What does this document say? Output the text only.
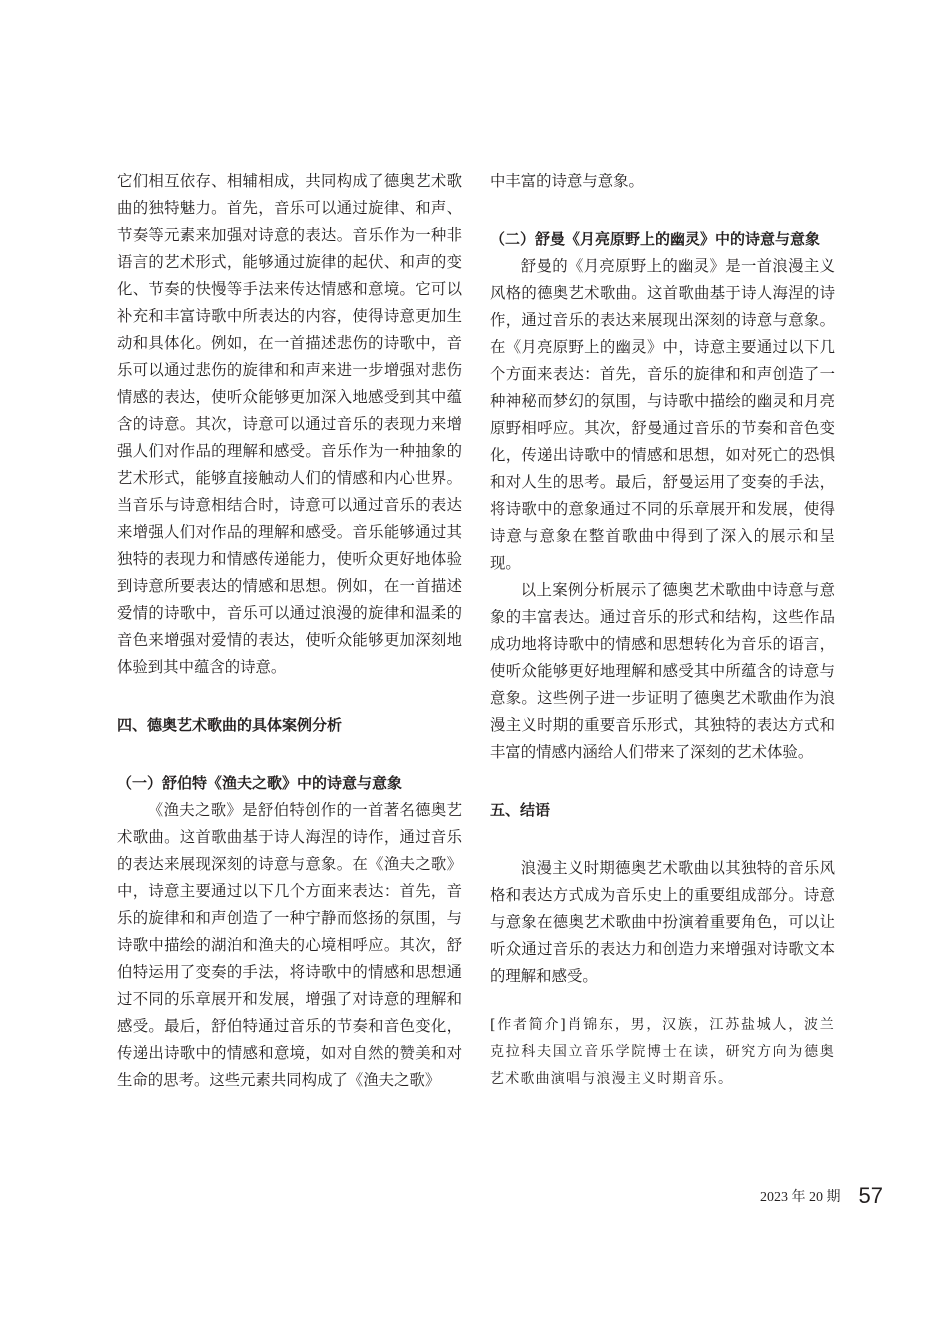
它们相互依存、相辅相成，共同构成了德奥艺术歌曲的独特魅力。首先，音乐可以通过旋律、和声、节奏等元素来加强对诗意的表达。音乐作为一种非语言的艺术形式，能够通过旋律的起伏、和声的变化、节奏的快慢等手法来传达情感和意境。它可以补充和丰富诗歌中所表达的内容，使得诗意更加生动和具体化。例如，在一首描述悲伤的诗歌中，音乐可以通过悲伤的旋律和和声来进一步增强对悲伤情感的表达，使听众能够更加深入地感受到其中蕴含的诗意。其次，诗意可以通过音乐的表现力来增强人们对作品的理解和感受。音乐作为一种抽象的艺术形式，能够直接触动人们的情感和内心世界。当音乐与诗意相结合时，诗意可以通过音乐的表达来增强人们对作品的理解和感受。音乐能够通过其独特的表现力和情感传递能力，使听众更好地体验到诗意所要表达的情感和思想。例如，在一首描述爱情的诗歌中，音乐可以通过浪漫的旋律和温柔的音色来增强对爱情的表达，使听众能够更加深刻地体验到其中蕴含的诗意。

四、德奥艺术歌曲的具体案例分析
（一）舒伯特《渔夫之歌》中的诗意与意象

《渔夫之歌》是舒伯特创作的一首著名德奥艺术歌曲。这首歌曲基于诗人海涅的诗作，通过音乐的表达来展现深刻的诗意与意象。在《渔夫之歌》中，诗意主要通过以下几个方面来表达：首先，音乐的旋律和和声创造了一种宁静而悠扬的氛围，与诗歌中描绘的湖泊和渔夫的心境相呼应。其次，舒伯特运用了变奏的手法，将诗歌中的情感和思想通过不同的乐章展开和发展，增强了对诗意的理解和感受。最后，舒伯特通过音乐的节奏和音色变化，传递出诗歌中的情感和意境，如对自然的赞美和对生命的思考。这些元素共同构成了《渔夫之歌》

中丰富的诗意与意象。

（二）舒曼《月亮原野上的幽灵》中的诗意与意象

舒曼的《月亮原野上的幽灵》是一首浪漫主义风格的德奥艺术歌曲。这首歌曲基于诗人海涅的诗作，通过音乐的表达来展现出深刻的诗意与意象。在《月亮原野上的幽灵》中，诗意主要通过以下几个方面来表达：首先，音乐的旋律和和声创造了一种神秘而梦幻的氛围，与诗歌中描绘的幽灵和月亮原野相呼应。其次，舒曼通过音乐的节奏和音色变化，传递出诗歌中的情感和思想，如对死亡的恐惧和对人生的思考。最后，舒曼运用了变奏的手法，将诗歌中的意象通过不同的乐章展开和发展，使得诗意与意象在整首歌曲中得到了深入的展示和呈现。

以上案例分析展示了德奥艺术歌曲中诗意与意象的丰富表达。通过音乐的形式和结构，这些作品成功地将诗歌中的情感和思想转化为音乐的语言，使听众能够更好地理解和感受其中所蕴含的诗意与意象。这些例子进一步证明了德奥艺术歌曲作为浪漫主义时期的重要音乐形式，其独特的表达方式和丰富的情感内涵给人们带来了深刻的艺术体验。

五、结语

浪漫主义时期德奥艺术歌曲以其独特的音乐风格和表达方式成为音乐史上的重要组成部分。诗意与意象在德奥艺术歌曲中扮演着重要角色，可以让听众通过音乐的表达力和创造力来增强对诗歌文本的理解和感受。

[作者简介]肖锦东，男，汉族，江苏盐城人，波兰克拉科夫国立音乐学院博士在读，研究方向为德奥艺术歌曲演唱与浪漫主义时期音乐。

2023 年 20 期 57
